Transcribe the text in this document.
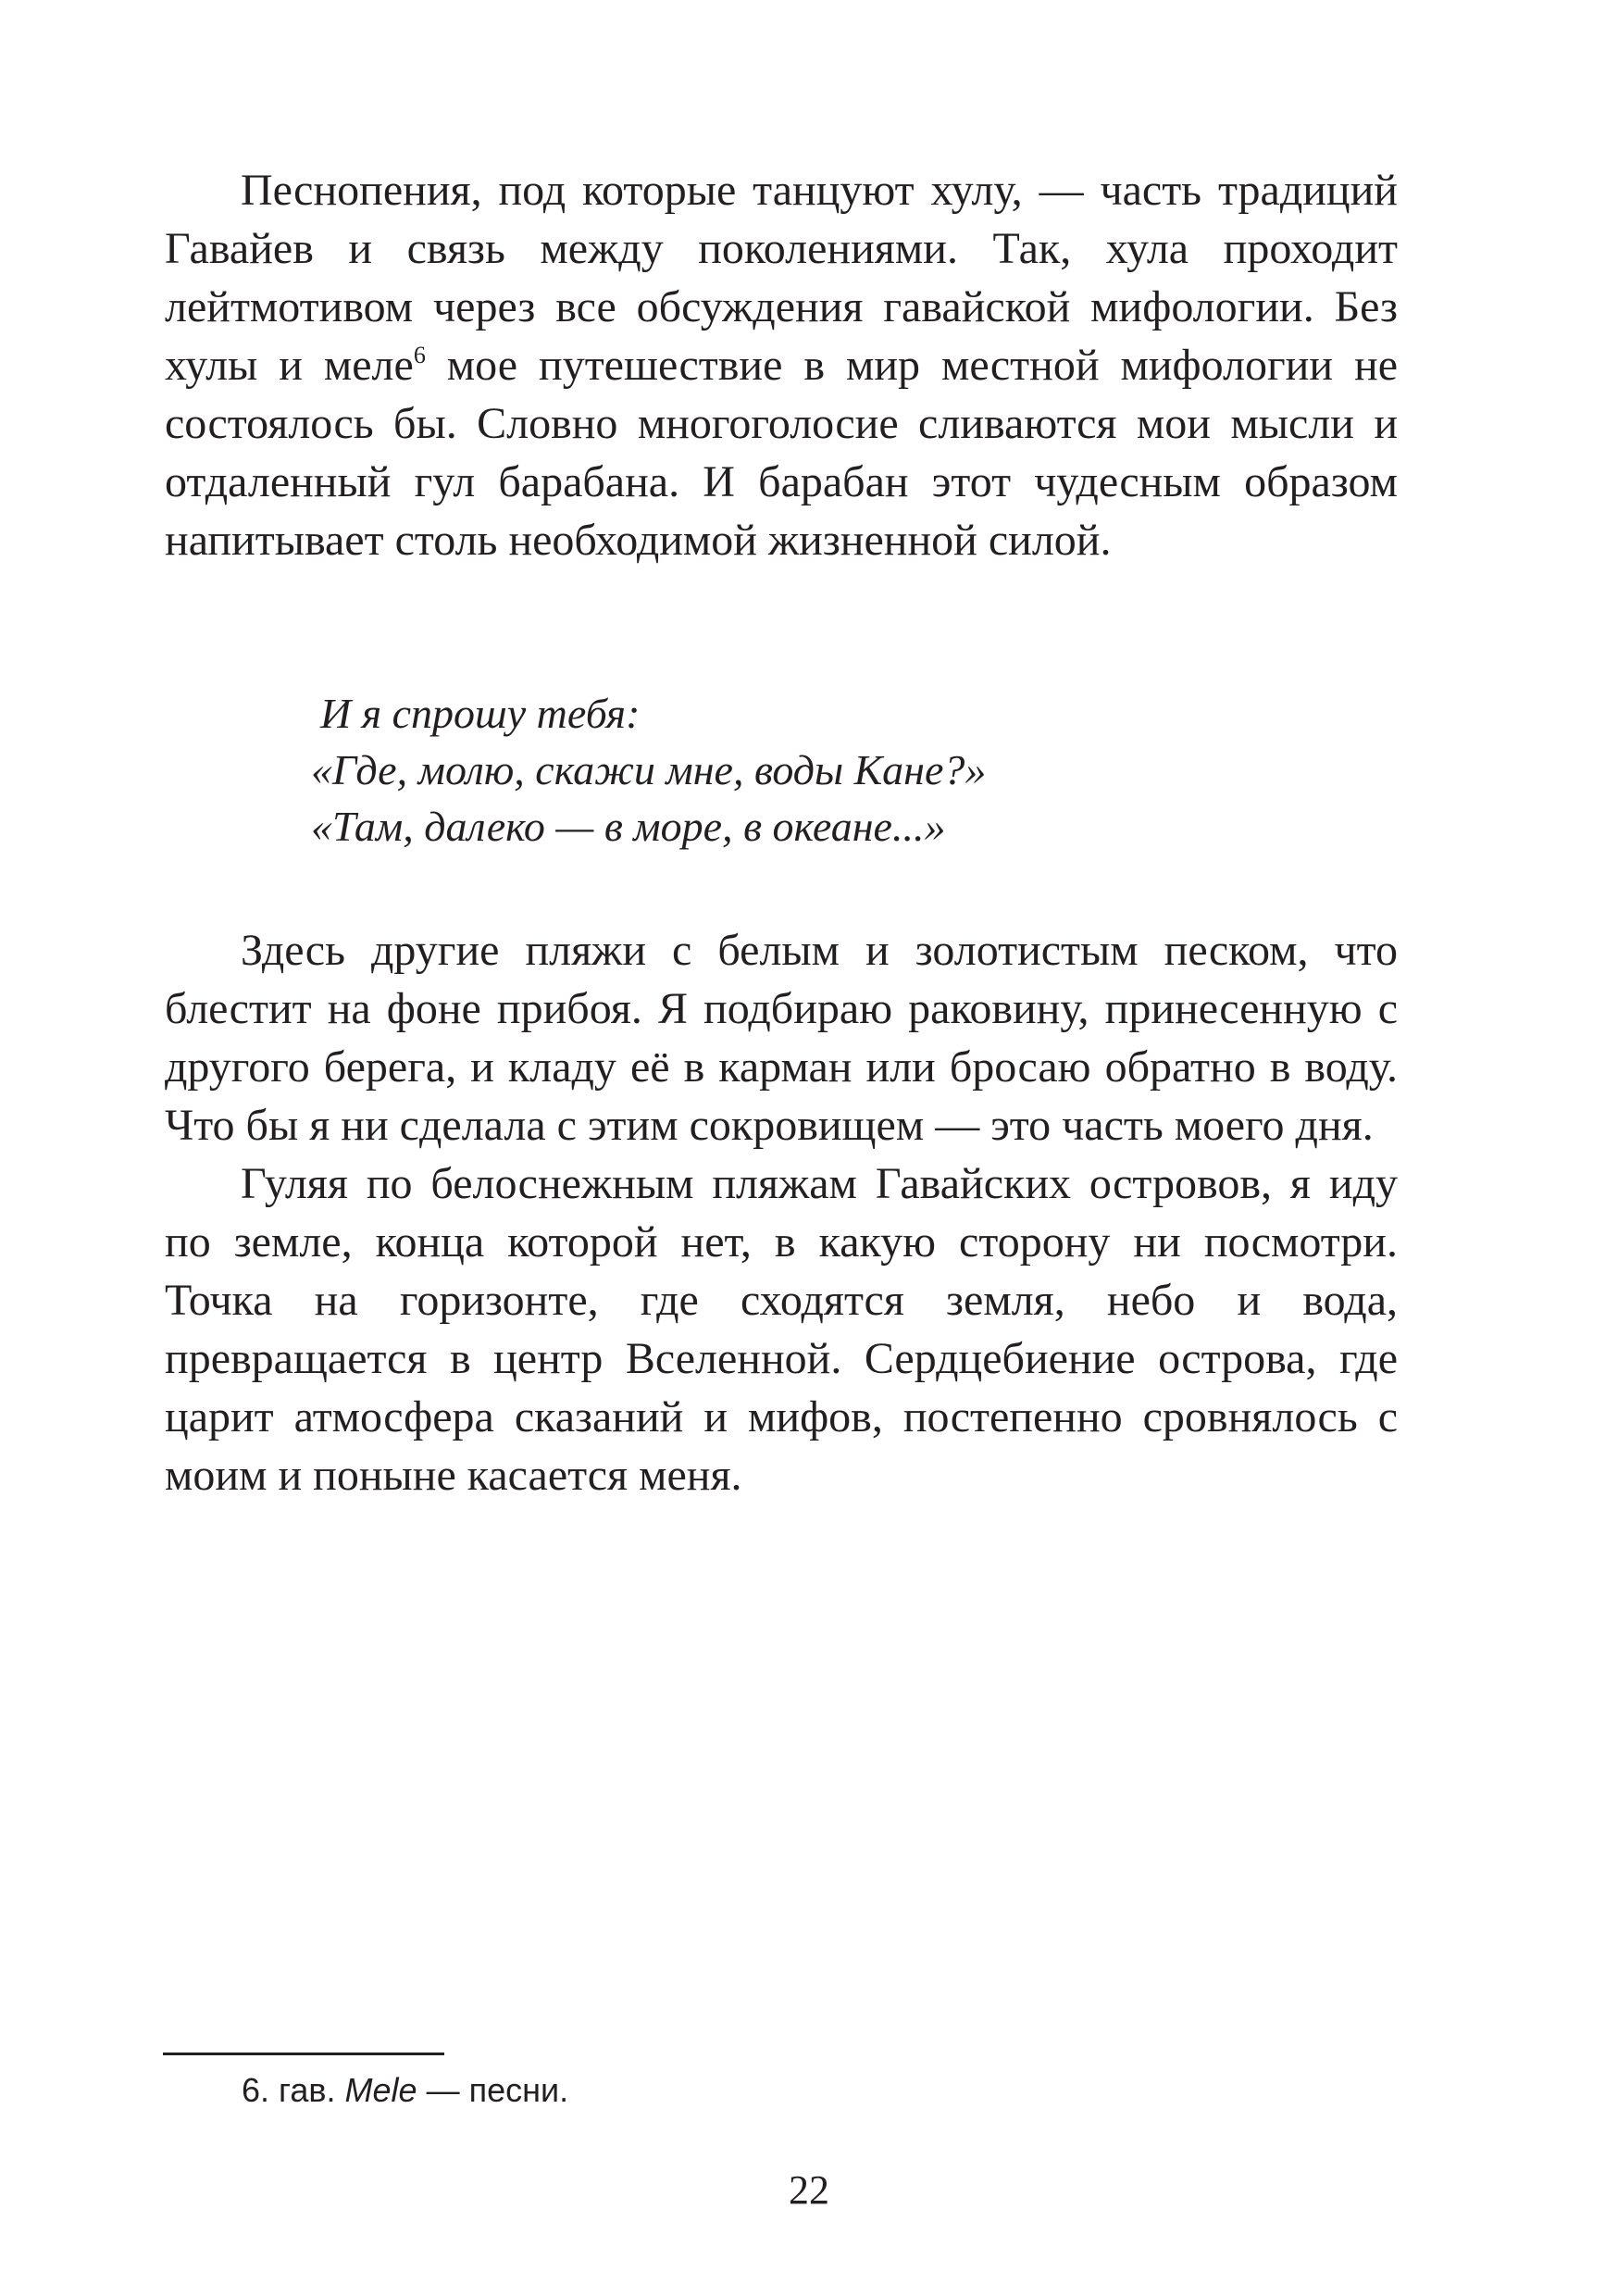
Песнопения, под которые танцуют хулу, — часть традиций Гавайев и связь между поколениями. Так, хула проходит лейтмотивом через все обсуждения гавайской мифологии. Без хулы и меле$^6$ мое путешествие в мир местной мифологии не состоялось бы. Словно многоголосие сливаются мои мысли и отдаленный гул барабана. И барабан этот чудесным образом напитывает столь необходимой жизненной силой.

И я спрошу тебя:
«Где, молю, скажи мне, воды Кане?»
«Там, далеко — в море, в океане...»

Здесь другие пляжи с белым и золотистым песком, что блестит на фоне прибоя. Я подбираю раковину, принесенную с другого берега, и кладу её в карман или бросаю обратно в воду. Что бы я ни сделала с этим сокровищем — это часть моего дня.

Гуляя по белоснежным пляжам Гавайских островов, я иду по земле, конца которой нет, в какую сторону ни посмотри. Точка на горизонте, где сходятся земля, небо и вода, превращается в центр Вселенной. Сердцебиение острова, где царит атмосфера сказаний и мифов, постепенно сровнялось с моим и поныне касается меня.

6. гав. Mele — песни.
22
